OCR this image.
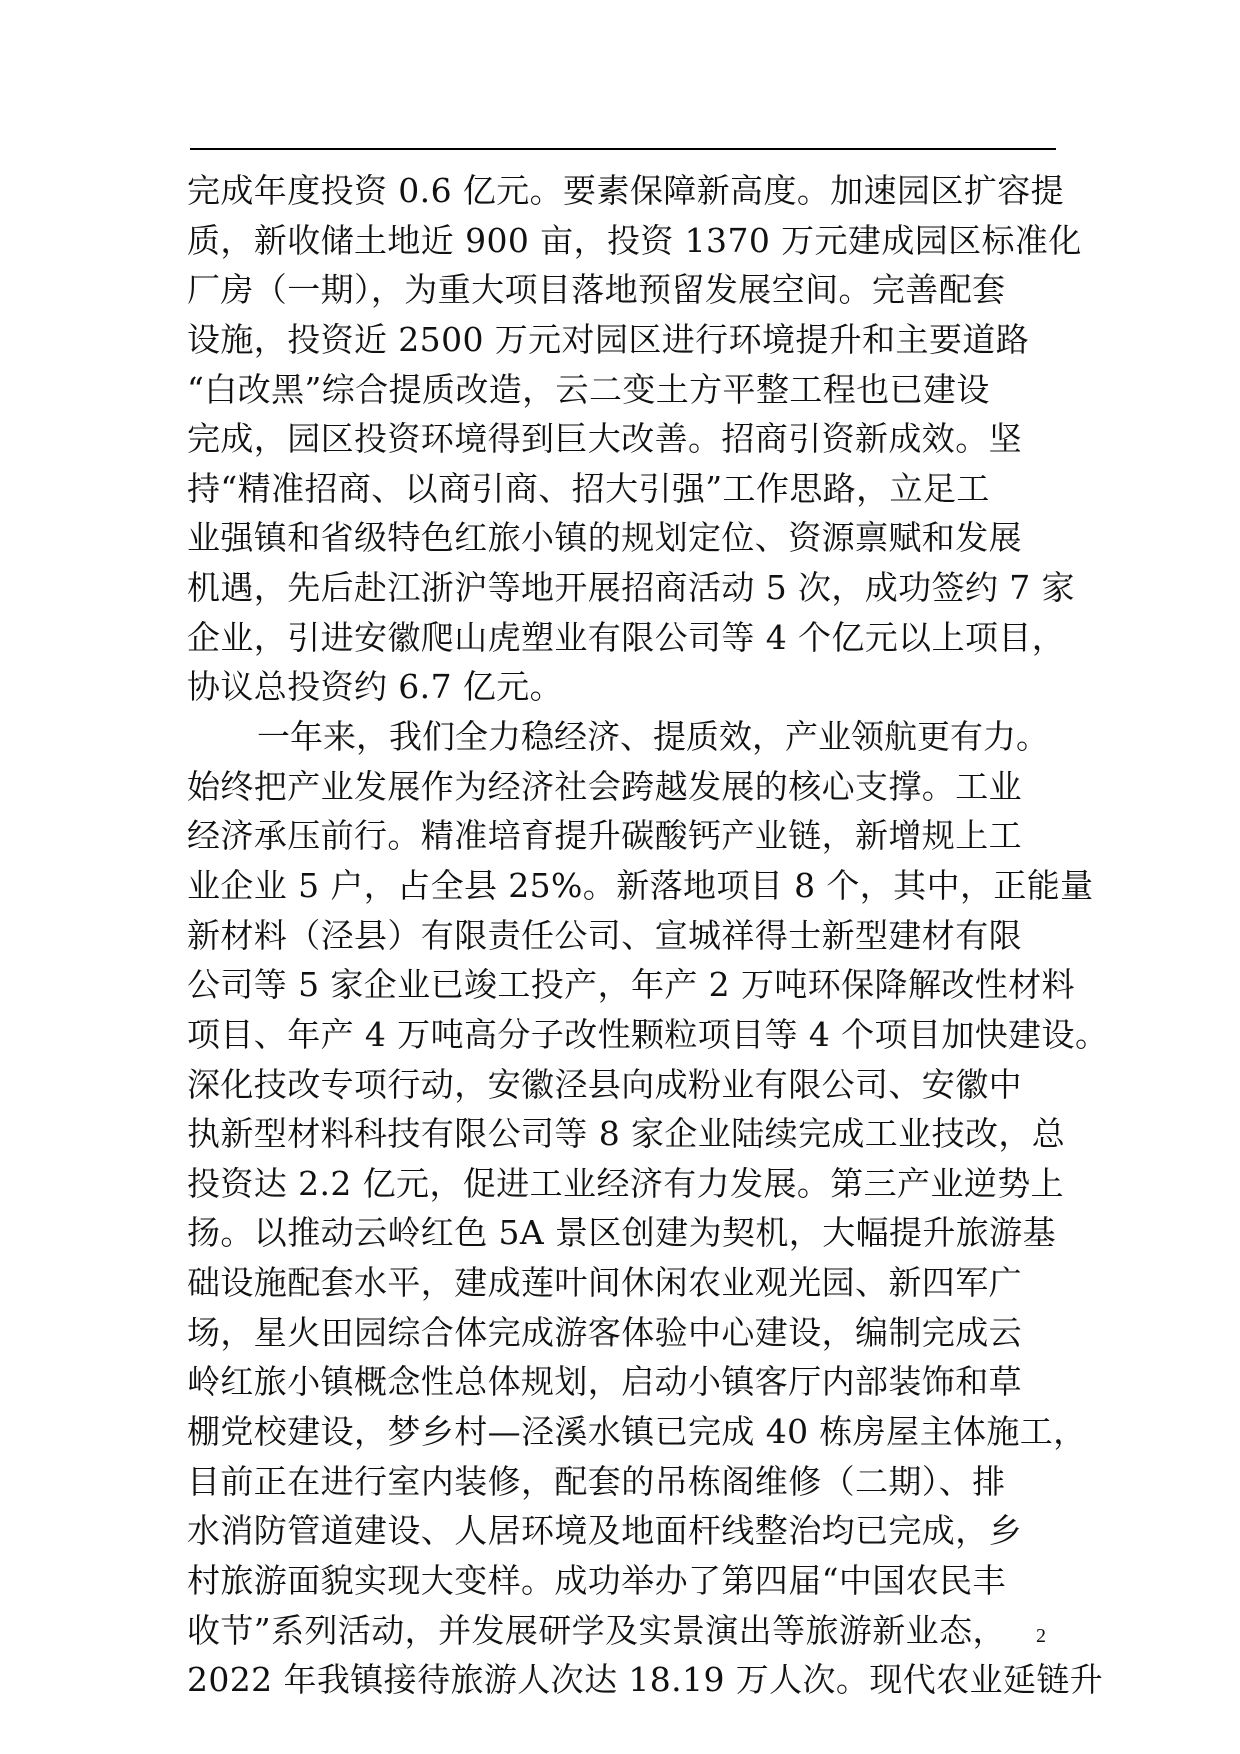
完成年度投资 0.6 亿元。要素保障新高度。加速园区扩容提
质，新收储土地近 900 亩，投资 1370 万元建成园区标准化
厂房（一期），为重大项目落地预留发展空间。完善配套
设施，投资近 2500 万元对园区进行环境提升和主要道路
“白改黑”综合提质改造，云二变土方平整工程也已建设
完成，园区投资环境得到巨大改善。招商引资新成效。坚
持“精准招商、以商引商、招大引强”工作思路，立足工
业强镇和省级特色红旅小镇的规划定位、资源禀赋和发展
机遇，先后赴江浙沪等地开展招商活动 5 次，成功签约 7 家
企业，引进安徽爬山虎塑业有限公司等 4 个亿元以上项目，
协议总投资约 6.7 亿元。
一年来，我们全力稳经济、提质效，产业领航更有力。
始终把产业发展作为经济社会跨越发展的核心支撑。工业
经济承压前行。精准培育提升碳酸钙产业链，新增规上工
业企业 5 户，占全县 25%。新落地项目 8 个，其中，正能量
新材料（泾县）有限责任公司、宣城祥得士新型建材有限
公司等 5 家企业已竣工投产，年产 2 万吨环保降解改性材料
项目、年产 4 万吨高分子改性颗粒项目等 4 个项目加快建设。
深化技改专项行动，安徽泾县向成粉业有限公司、安徽中
执新型材料科技有限公司等 8 家企业陆续完成工业技改，总
投资达 2.2 亿元，促进工业经济有力发展。第三产业逆势上
扬。以推动云岭红色 5A 景区创建为契机，大幅提升旅游基
础设施配套水平，建成莲叶间休闲农业观光园、新四军广
场，星火田园综合体完成游客体验中心建设，编制完成云
岭红旅小镇概念性总体规划，启动小镇客厅内部装饰和草
棚党校建设，梦乡村—泾溪水镇已完成 40 栋房屋主体施工，
目前正在进行室内装修，配套的吊栋阁维修（二期）、排
水消防管道建设、人居环境及地面杆线整治均已完成，乡
村旅游面貌实现大变样。成功举办了第四届“中国农民丰
收节”系列活动，并发展研学及实景演出等旅游新业态，
2022 年我镇接待旅游人次达 18.19 万人次。现代农业延链升
2
